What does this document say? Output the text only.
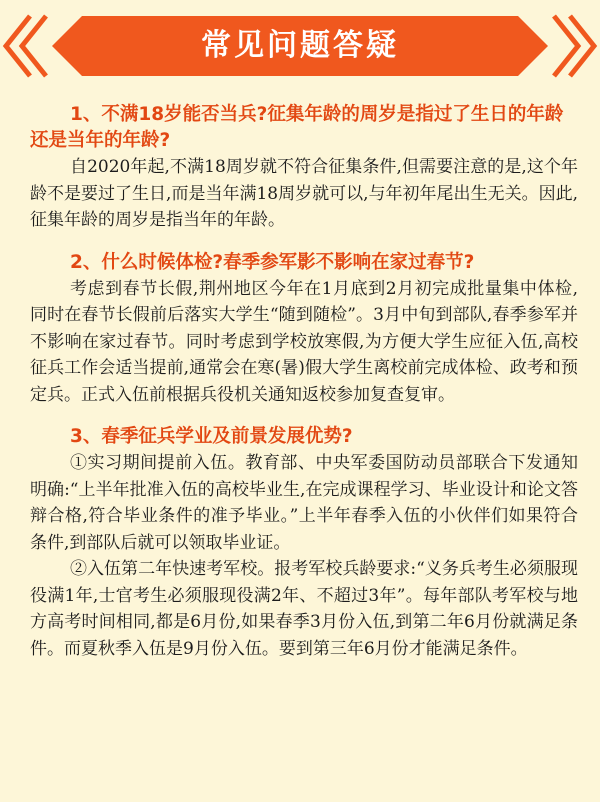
常见问题答疑

1、不满18岁能否当兵?征集年龄的周岁是指过了生日的年龄还是当年的年龄?

自2020年起,不满18周岁就不符合征集条件,但需要注意的是,这个年龄不是要过了生日,而是当年满18周岁就可以,与年初年尾出生无关。因此,征集年龄的周岁是指当年的年龄。

2、什么时候体检?春季参军影不影响在家过春节?

考虑到春节长假,荆州地区今年在1月底到2月初完成批量集中体检,同时在春节长假前后落实大学生“随到随检”。3月中旬到部队,春季参军并不影响在家过春节。同时考虑到学校放寒假,为方便大学生应征入伍,高校征兵工作会适当提前,通常会在寒(暑)假大学生离校前完成体检、政考和预定兵。正式入伍前根据兵役机关通知返校参加复查复审。

3、春季征兵学业及前景发展优势?

①实习期间提前入伍。教育部、中央军委国防动员部联合下发通知明确:“上半年批准入伍的高校毕业生,在完成课程学习、毕业设计和论文答辩合格,符合毕业条件的准予毕业。”上半年春季入伍的小伙伴们如果符合条件,到部队后就可以领取毕业证。

②入伍第二年快速考军校。报考军校兵龄要求:“义务兵考生必须服现役满1年,士官考生必须服现役满2年、不超过3年”。每年部队考军校与地方高考时间相同,都是6月份,如果春季3月份入伍,到第二年6月份就满足条件。而夏秋季入伍是9月份入伍。要到第三年6月份才能满足条件。
